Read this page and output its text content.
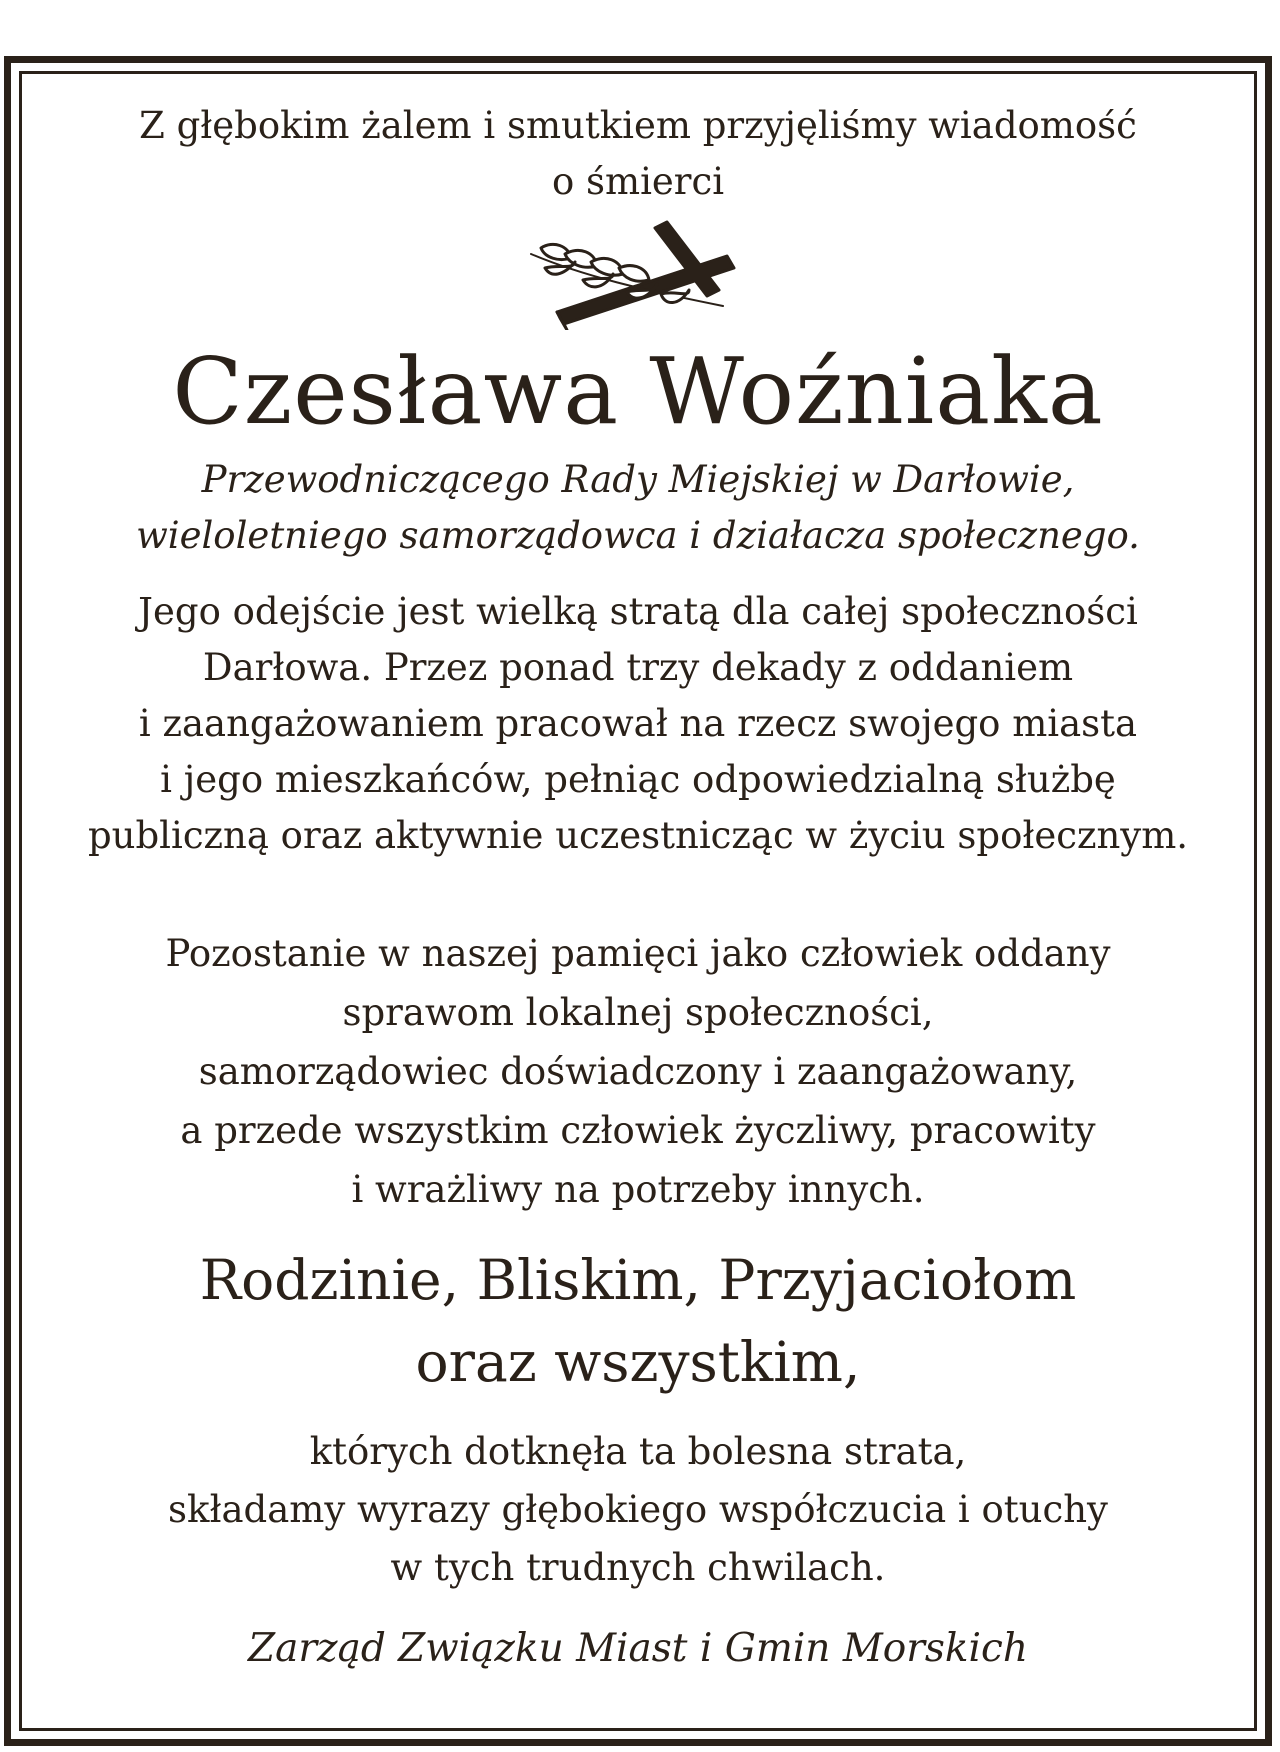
Z głębokim żalem i smutkiem przyjęliśmy wiadomość
o śmierci

Czesława Woźniaka

Przewodniczącego Rady Miejskiej w Darłowie,
wieloletniego samorządowca i działacza społecznego.

Jego odejście jest wielką stratą dla całej społeczności
Darłowa. Przez ponad trzy dekady z oddaniem
i zaangażowaniem pracował na rzecz swojego miasta
i jego mieszkańców, pełniąc odpowiedzialną służbę
publiczną oraz aktywnie uczestnicząc w życiu społecznym.

Pozostanie w naszej pamięci jako człowiek oddany
sprawom lokalnej społeczności,
samorządowiec doświadczony i zaangażowany,
a przede wszystkim człowiek życzliwy, pracowity
i wrażliwy na potrzeby innych.

Rodzinie, Bliskim, Przyjaciołom
oraz wszystkim,

których dotknęła ta bolesna strata,
składamy wyrazy głębokiego współczucia i otuchy
w tych trudnych chwilach.

Zarząd Związku Miast i Gmin Morskich
